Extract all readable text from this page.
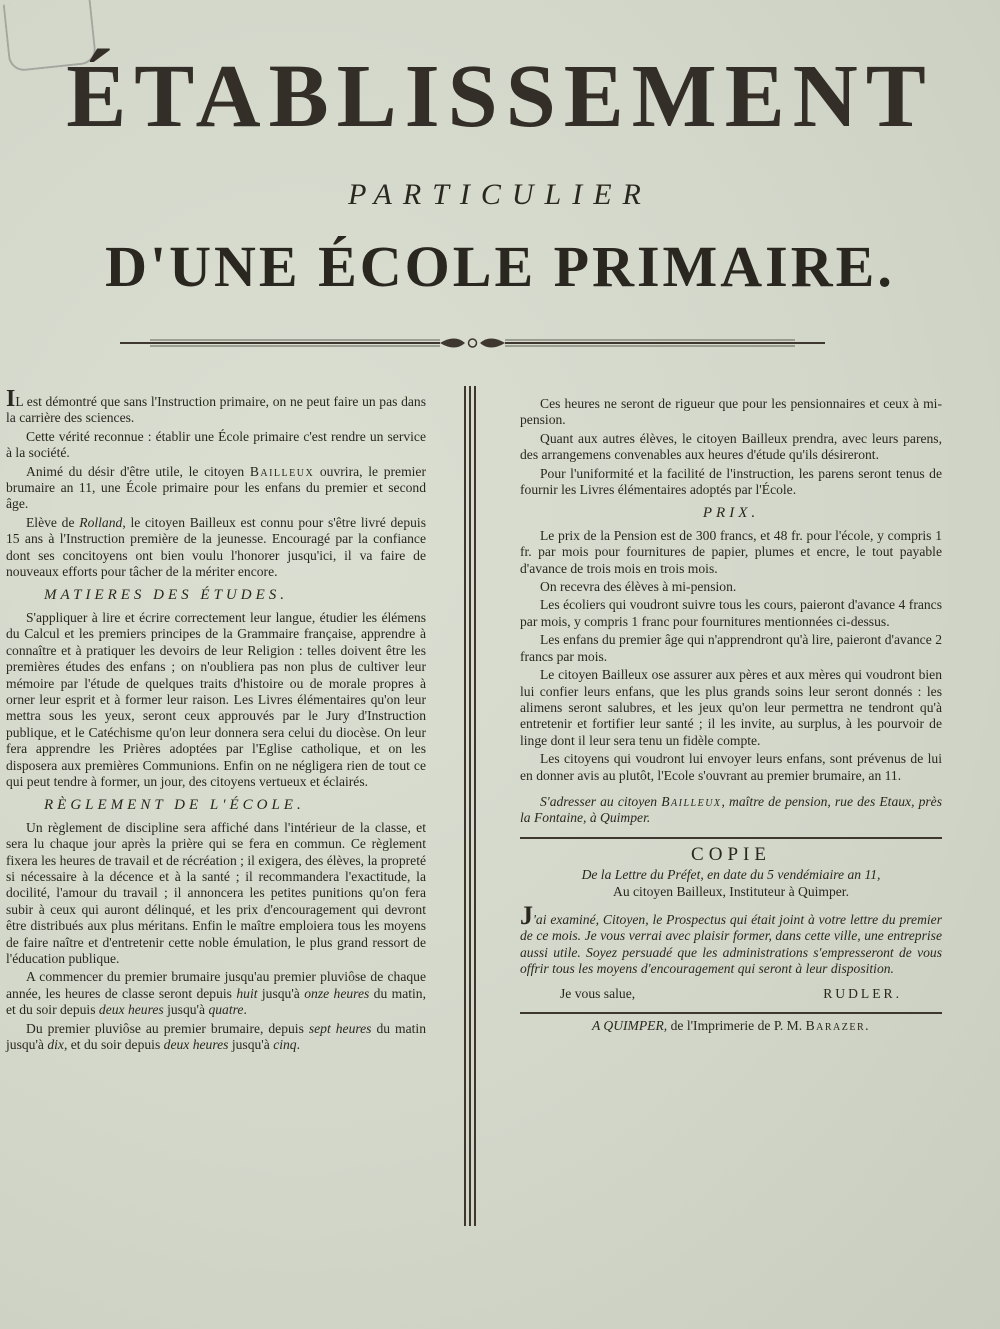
ÉTABLISSEMENT
PARTICULIER
D'UNE ÉCOLE PRIMAIRE.

IL est démontré que sans l'Instruction primaire, on ne peut faire un pas dans la carrière des sciences.

Cette vérité reconnue : établir une École primaire c'est rendre un service à la société.

Animé du désir d'être utile, le citoyen Bailleux ouvrira, le premier brumaire an 11, une École primaire pour les enfans du premier et second âge.

Elève de Rolland, le citoyen Bailleux est connu pour s'être livré depuis 15 ans à l'Instruction première de la jeunesse. Encouragé par la confiance dont ses concitoyens ont bien voulu l'honorer jusqu'ici, il va faire de nouveaux efforts pour tâcher de la mériter encore.

MATIERES DES ÉTUDES.

S'appliquer à lire et écrire correctement leur langue, étudier les élémens du Calcul et les premiers principes de la Grammaire française, apprendre à connaître et à pratiquer les devoirs de leur Religion : telles doivent être les premières études des enfans ; on n'oubliera pas non plus de cultiver leur mémoire par l'étude de quelques traits d'histoire ou de morale propres à orner leur esprit et à former leur raison. Les Livres élémentaires qu'on leur mettra sous les yeux, seront ceux approuvés par le Jury d'Instruction publique, et le Catéchisme qu'on leur donnera sera celui du diocèse. On leur fera apprendre les Prières adoptées par l'Eglise catholique, et on les disposera aux premières Communions. Enfin on ne négligera rien de tout ce qui peut tendre à former, un jour, des citoyens vertueux et éclairés.

RÈGLEMENT DE L'ÉCOLE.

Un règlement de discipline sera affiché dans l'intérieur de la classe, et sera lu chaque jour après la prière qui se fera en commun. Ce règlement fixera les heures de travail et de récréation ; il exigera, des élèves, la propreté si nécessaire à la décence et à la santé ; il recommandera l'exactitude, la docilité, l'amour du travail ; il annoncera les petites punitions qu'on fera subir à ceux qui auront délinqué, et les prix d'encouragement qui devront être distribués aux plus méritans. Enfin le maître emploiera tous les moyens de faire naître et d'entretenir cette noble émulation, le plus grand ressort de l'éducation publique.

A commencer du premier brumaire jusqu'au premier pluviôse de chaque année, les heures de classe seront depuis huit jusqu'à onze heures du matin, et du soir depuis deux heures jusqu'à quatre.

Du premier pluviôse au premier brumaire, depuis sept heures du matin jusqu'à dix, et du soir depuis deux heures jusqu'à cinq.

Ces heures ne seront de rigueur que pour les pensionnaires et ceux à mi-pension.

Quant aux autres élèves, le citoyen Bailleux prendra, avec leurs parens, des arrangemens convenables aux heures d'étude qu'ils désireront.

Pour l'uniformité et la facilité de l'instruction, les parens seront tenus de fournir les Livres élémentaires adoptés par l'École.

PRIX.

Le prix de la Pension est de 300 francs, et 48 fr. pour l'école, y compris 1 fr. par mois pour fournitures de papier, plumes et encre, le tout payable d'avance de trois mois en trois mois.

On recevra des élèves à mi-pension.

Les écoliers qui voudront suivre tous les cours, paieront d'avance 4 francs par mois, y compris 1 franc pour fournitures mentionnées ci-dessus.

Les enfans du premier âge qui n'apprendront qu'à lire, paieront d'avance 2 francs par mois.

Le citoyen Bailleux ose assurer aux pères et aux mères qui voudront bien lui confier leurs enfans, que les plus grands soins leur seront donnés : les alimens seront salubres, et les jeux qu'on leur permettra ne tendront qu'à entretenir et fortifier leur santé ; il les invite, au surplus, à les pourvoir de linge dont il leur sera tenu un fidèle compte.

Les citoyens qui voudront lui envoyer leurs enfans, sont prévenus de lui en donner avis au plutôt, l'Ecole s'ouvrant au premier brumaire, an 11.

S'adresser au citoyen Bailleux, maître de pension, rue des Etaux, près la Fontaine, à Quimper.

COPIE
De la Lettre du Préfet, en date du 5 vendémiaire an 11,
Au citoyen Bailleux, Instituteur à Quimper.

J'ai examiné, Citoyen, le Prospectus qui était joint à votre lettre du premier de ce mois. Je vous verrai avec plaisir former, dans cette ville, une entreprise aussi utile. Soyez persuadé que les administrations s'empresseront de vous offrir tous les moyens d'encouragement qui seront à leur disposition.

Je vous salue,	RUDLER.
A QUIMPER, de l'Imprimerie de P. M. Barazer.
